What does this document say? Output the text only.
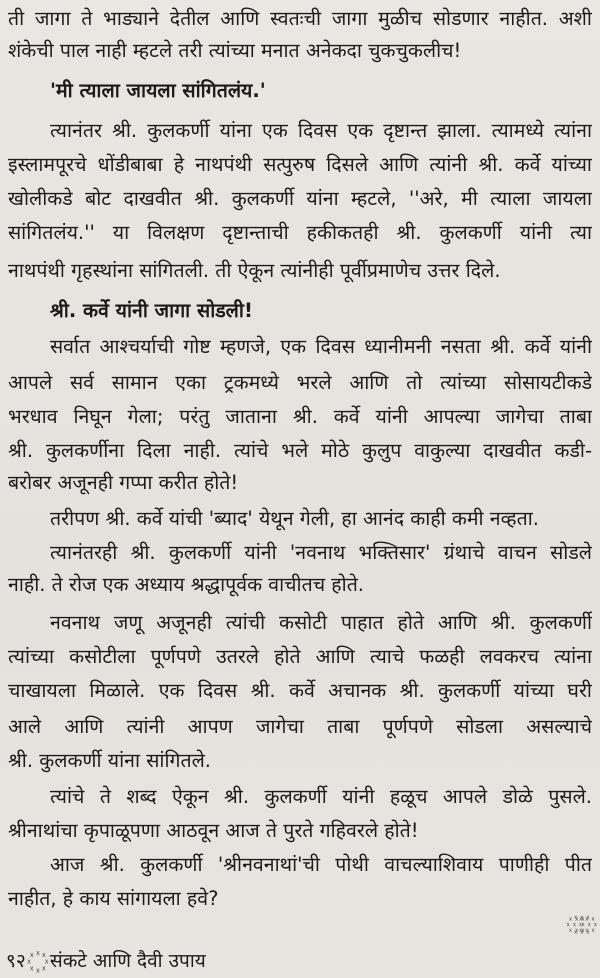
ती जागा ते भाड्याने देतील आणि स्वतःची जागा मुळीच सोडणार नाहीत. अशी
शंकेची पाल नाही म्हटले तरी त्यांच्या मनात अनेकदा चुकचुकलीच!
'मी त्याला जायला सांगितलंय.'
त्यानंतर श्री. कुलकर्णी यांना एक दिवस एक दृष्टान्त झाला. त्यामध्ये त्यांना
इस्लामपूरचे धोंडीबाबा हे नाथपंथी सत्पुरुष दिसले आणि त्यांनी श्री. कर्वे यांच्या
खोलीकडे बोट दाखवीत श्री. कुलकर्णी यांना म्हटले, ''अरे, मी त्याला जायला
सांगितलंय.'' या विलक्षण दृष्टान्ताची हकीकतही श्री. कुलकर्णी यांनी त्या
नाथपंथी गृहस्थांना सांगितली. ती ऐकून त्यांनीही पूर्वीप्रमाणेच उत्तर दिले.
श्री. कर्वे यांनी जागा सोडली!
सर्वात आश्चर्याची गोष्ट म्हणजे, एक दिवस ध्यानीमनी नसता श्री. कर्वे यांनी
आपले सर्व सामान एका ट्रकमध्ये भरले आणि तो त्यांच्या सोसायटीकडे
भरधाव निघून गेला; परंतु जाताना श्री. कर्वे यांनी आपल्या जागेचा ताबा
श्री. कुलकर्णीना दिला नाही. त्यांचे भले मोठे कुलुप वाकुल्या दाखवीत कडी-
बरोबर अजूनही गप्पा करीत होते!
तरीपण श्री. कर्वे यांची 'ब्याद' येथून गेली, हा आनंद काही कमी नव्हता.
त्यानंतरही श्री. कुलकर्णी यांनी 'नवनाथ भक्तिसार' ग्रंथाचे वाचन सोडले
नाही. ते रोज एक अध्याय श्रद्धापूर्वक वाचीतच होते.
नवनाथ जणू अजूनही त्यांची कसोटी पाहात होते आणि श्री. कुलकर्णी
त्यांच्या कसोटीला पूर्णपणे उतरले होते आणि त्याचे फळही लवकरच त्यांना
चाखायला मिळाले. एक दिवस श्री. कर्वे अचानक श्री. कुलकर्णी यांच्या घरी
आले आणि त्यांनी आपण जागेचा ताबा पूर्णपणे सोडला असल्याचे
श्री. कुलकर्णी यांना सांगितले.
त्यांचे ते शब्द ऐकून श्री. कुलकर्णी यांनी हळूच आपले डोळे पुसले.
श्रीनाथांचा कृपाळूपणा आठवून आज ते पुरते गहिवरले होते!
आज श्री. कुलकर्णी 'श्रीनवनाथां'ची पोथी वाचल्याशिवाय पाणीही पीत
नाहीत, हे काय सांगायला हवे?
꙰ ꙰ ꙰
९२ संकटे आणि दैवी उपाय
